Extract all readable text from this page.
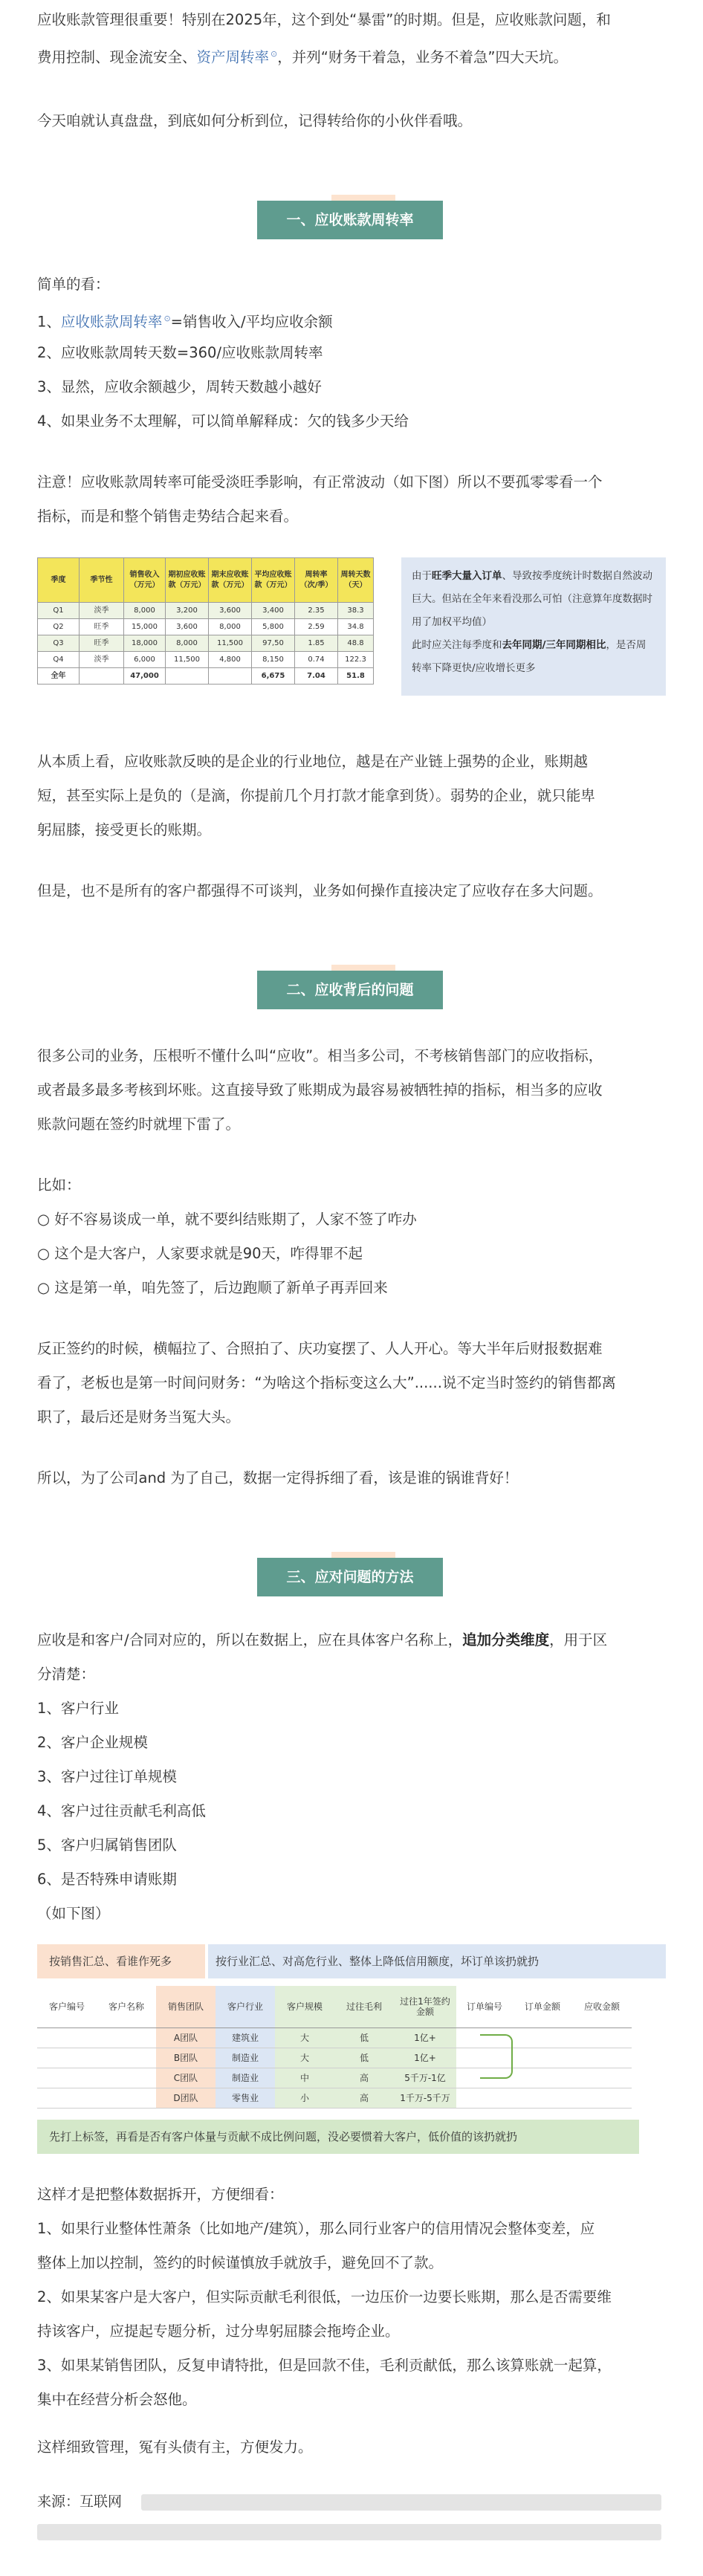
应收账款管理很重要！特别在2025年，这个到处“暴雷”的时期。但是，应收账款问题，和

费用控制、现金流安全、资产周转率 ⊙，并列“财务干着急，业务不着急”四大天坑。

今天咱就认真盘盘，到底如何分析到位，记得转给你的小伙伴看哦。

一、应收账款周转率

简单的看：

1、应收账款周转率 ⊙=销售收入/平均应收余额

2、应收账款周转天数=360/应收账款周转率

3、显然，应收余额越少，周转天数越小越好

4、如果业务不太理解，可以简单解释成：欠的钱多少天给

注意！应收账款周转率可能受淡旺季影响，有正常波动（如下图）所以不要孤零零看一个

指标，而是和整个销售走势结合起来看。

季度	季节性	销售收入（万元）	期初应收账款（万元）	期末应收账款（万元）	平均应收账款（万元）	周转率（次/季）	周转天数（天）
Q1	淡季	8,000	3,200	3,600	3,400	2.35	38.3
Q2	旺季	15,000	3,600	8,000	5,800	2.59	34.8
Q3	旺季	18,000	8,000	11,500	97,50	1.85	48.8
Q4	淡季	6,000	11,500	4,800	8,150	0.74	122.3
全年		47,000			6,675	7.04	51.8
由于旺季大量入订单、导致按季度统计时数据自然波动巨大。但站在全年来看没那么可怕（注意算年度数据时用了加权平均值）
此时应关注每季度和去年同期/三年同期相比，是否周转率下降更快/应收增长更多

从本质上看，应收账款反映的是企业的行业地位，越是在产业链上强势的企业，账期越

短，甚至实际上是负的（是滴，你提前几个月打款才能拿到货）。弱势的企业，就只能卑

躬屈膝，接受更长的账期。

但是，也不是所有的客户都强得不可谈判，业务如何操作直接决定了应收存在多大问题。

二、应收背后的问题

很多公司的业务，压根听不懂什么叫“应收”。相当多公司，不考核销售部门的应收指标，

或者最多最多考核到坏账。这直接导致了账期成为最容易被牺牲掉的指标，相当多的应收

账款问题在签约时就埋下雷了。

比如：

○ 好不容易谈成一单，就不要纠结账期了，人家不签了咋办

○ 这个是大客户，人家要求就是90天，咋得罪不起

○ 这是第一单，咱先签了，后边跑顺了新单子再弄回来

反正签约的时候，横幅拉了、合照拍了、庆功宴摆了、人人开心。等大半年后财报数据难

看了，老板也是第一时间问财务：“为啥这个指标变这么大”......说不定当时签约的销售都离

职了，最后还是财务当冤大头。

所以，为了公司and 为了自己，数据一定得拆细了看，该是谁的锅谁背好！

三、应对问题的方法

应收是和客户/合同对应的，所以在数据上，应在具体客户名称上，追加分类维度，用于区

分清楚：

1、客户行业

2、客户企业规模

3、客户过往订单规模

4、客户过往贡献毛利高低

5、客户归属销售团队

6、是否特殊申请账期

（如下图）

按销售汇总、看谁作死多	按行业汇总、对高危行业、整体上降低信用额度，坏订单该扔就扔
客户编号	客户名称	销售团队	客户行业	客户规模	过往毛利	过往1年签约金额	订单编号	订单金额	应收金额
		A团队	建筑业	大	低	1亿+			
		B团队	制造业	大	低	1亿+			
		C团队	制造业	中	高	5千万-1亿			
		D团队	零售业	小	高	1千万-5千万			
先打上标签，再看是否有客户体量与贡献不成比例问题，没必要惯着大客户，低价值的该扔就扔

这样才是把整体数据拆开，方便细看：

1、如果行业整体性萧条（比如地产/建筑），那么同行业客户的信用情况会整体变差，应

整体上加以控制，签约的时候谨慎放手就放手，避免回不了款。

2、如果某客户是大客户，但实际贡献毛利很低，一边压价一边要长账期，那么是否需要维

持该客户，应提起专题分析，过分卑躬屈膝会拖垮企业。

3、如果某销售团队，反复申请特批，但是回款不佳，毛利贡献低，那么该算账就一起算，

集中在经营分析会怒他。

这样细致管理，冤有头债有主，方便发力。

来源：互联网
